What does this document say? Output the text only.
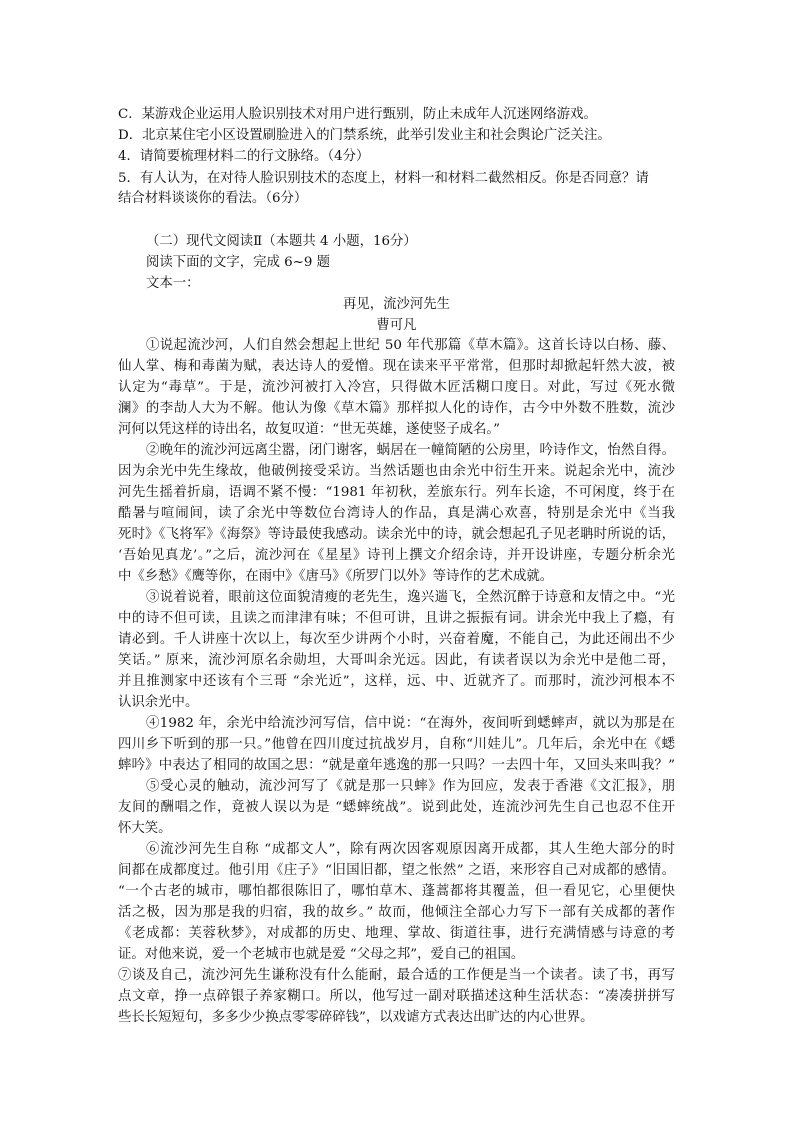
C．某游戏企业运用人脸识别技术对用户进行甄别，防止未成年人沉迷网络游戏。
D．北京某住宅小区设置刷脸进入的门禁系统，此举引发业主和社会舆论广泛关注。
4．请简要梳理材料二的行文脉络。（4分）
5．有人认为，在对待人脸识别技术的态度上，材料一和材料二截然相反。你是否同意？请
结合材料谈谈你的看法。（6分）
（二）现代文阅读Ⅱ（本题共 4 小题，16分）
阅读下面的文字，完成 6~9 题
文本一：
再见，流沙河先生
曹可凡
①说起流沙河，人们自然会想起上世纪 50 年代那篇《草木篇》。这首长诗以白杨、藤、
仙人掌、梅和毒菌为赋，表达诗人的爱憎。现在读来平平常常，但那时却掀起轩然大波，被
认定为“毒草”。于是，流沙河被打入冷宫，只得做木匠活糊口度日。对此，写过《死水微
澜》的李劼人大为不解。他认为像《草木篇》那样拟人化的诗作，古今中外数不胜数，流沙
河何以凭这样的诗出名，故复叹道：“世无英雄，遂使竖子成名。”
②晚年的流沙河远离尘嚣，闭门谢客，蜗居在一幢简陋的公房里，吟诗作文，怡然自得。
因为余光中先生缘故，他破例接受采访。当然话题也由余光中衍生开来。说起余光中，流沙
河先生摇着折扇，语调不紧不慢：“1981 年初秋，差旅东行。列车长途，不可闲度，终于在
酷暑与喧闹间，读了余光中等数位台湾诗人的作品，真是满心欢喜，特别是余光中《当我
死时》《飞将军》《海祭》等诗最使我感动。读余光中的诗，就会想起孔子见老聃时所说的话，
‘吾始见真龙’。”之后，流沙河在《星星》诗刊上撰文介绍余诗，并开设讲座，专题分析余光
中《乡愁》《鹰等你，在雨中》《唐马》《所罗门以外》等诗作的艺术成就。
③说着说着，眼前这位面貌清瘦的老先生，逸兴遄飞，全然沉醉于诗意和友情之中。“光
中的诗不但可读，且读之而津津有味；不但可讲，且讲之振振有词。讲余光中我上了瘾，有
请必到。千人讲座十次以上，每次至少讲两个小时，兴奋着魔，不能自己，为此还闹出不少
笑话。” 原来，流沙河原名余勋坦，大哥叫余光远。因此，有读者误以为余光中是他二哥，
并且推测家中还该有个三哥 “余光近”，这样，远、中、近就齐了。而那时，流沙河根本不
认识余光中。
④1982 年，余光中给流沙河写信，信中说：“在海外，夜间听到蟋蟀声，就以为那是在
四川乡下听到的那一只。”他曾在四川度过抗战岁月，自称“川娃儿”。几年后，余光中在《蟋
蟀吟》中表达了相同的故国之思：“就是童年逃逸的那一只吗？一去四十年，又回头来叫我？”
⑤受心灵的触动，流沙河写了《就是那一只蟀》作为回应，发表于香港《文汇报》，朋
友间的酬唱之作，竟被人误以为是 “蟋蟀统战”。说到此处，连流沙河先生自己也忍不住开
怀大笑。
⑥流沙河先生自称 “成都文人”，除有两次因客观原因离开成都，其人生绝大部分的时
间都在成都度过。他引用《庄子》“旧国旧都，望之怅然” 之语，来形容自己对成都的感情。
“一个古老的城市，哪怕都很陈旧了，哪怕草木、蓬蒿都将其覆盖，但一看见它，心里便快
活之极，因为那是我的归宿，我的故乡。” 故而，他倾注全部心力写下一部有关成都的著作
《老成都：芙蓉秋梦》，对成都的历史、地理、掌故、街道往事，进行充满情感与诗意的考
证。对他来说，爱一个老城市也就是爱 “父母之邦”，爱自己的祖国。
⑦谈及自己，流沙河先生谦称没有什么能耐，最合适的工作便是当一个读者。读了书，再写
点文章，挣一点碎银子养家糊口。所以，他写过一副对联描述这种生活状态：“凑凑拼拼写
些长长短短句，多多少少换点零零碎碎钱”，以戏谑方式表达出旷达的内心世界。
